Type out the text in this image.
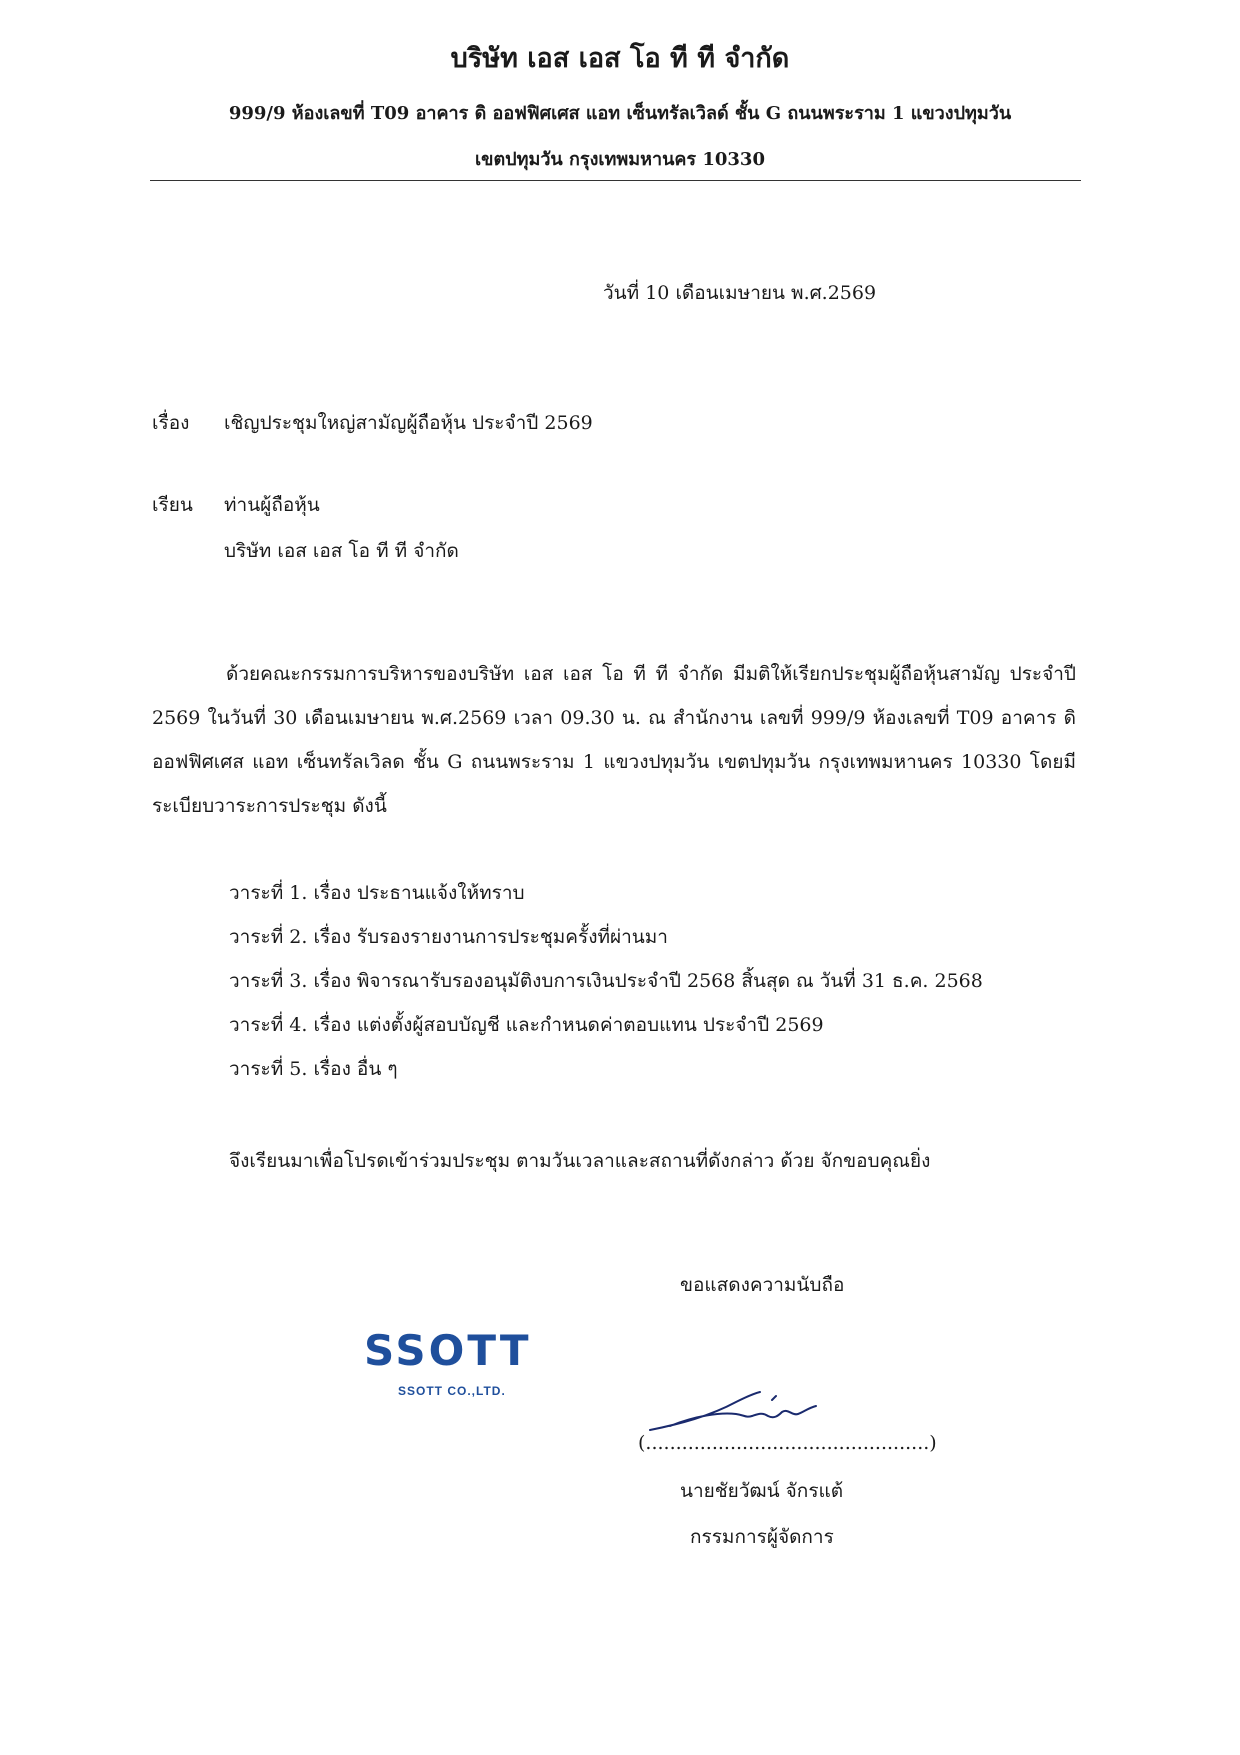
บริษัท เอส เอส โอ ที ที จำกัด
999/9 ห้องเลขที่ T09 อาคาร ดิ ออฟฟิศเศส แอท เซ็นทรัลเวิลด์ ชั้น G ถนนพระราม 1 แขวงปทุมวัน
เขตปทุมวัน กรุงเทพมหานคร 10330
วันที่ 10 เดือนเมษายน พ.ศ.2569
เรื่อง เชิญประชุมใหญ่สามัญผู้ถือหุ้น ประจำปี 2569
เรียน ท่านผู้ถือหุ้น
บริษัท เอส เอส โอ ที ที จำกัด
ด้วยคณะกรรมการบริหารของบริษัท เอส เอส โอ ที ที จำกัด มีมติให้เรียกประชุมผู้ถือหุ้นสามัญ ประจำปี 2569 ในวันที่ 30 เดือนเมษายน พ.ศ.2569 เวลา 09.30 น. ณ สำนักงาน เลขที่ 999/9 ห้องเลขที่ T09 อาคาร ดิ ออฟฟิศเศส แอท เซ็นทรัลเวิลด ชั้น G ถนนพระราม 1 แขวงปทุมวัน เขตปทุมวัน กรุงเทพมหานคร 10330 โดยมีระเบียบวาระการประชุม ดังนี้
วาระที่ 1. เรื่อง ประธานแจ้งให้ทราบ
วาระที่ 2. เรื่อง รับรองรายงานการประชุมครั้งที่ผ่านมา
วาระที่ 3. เรื่อง พิจารณารับรองอนุมัติงบการเงินประจำปี 2568 สิ้นสุด ณ วันที่ 31 ธ.ค. 2568
วาระที่ 4. เรื่อง แต่งตั้งผู้สอบบัญชี และกำหนดค่าตอบแทน ประจำปี 2569
วาระที่ 5. เรื่อง อื่น ๆ
จึงเรียนมาเพื่อโปรดเข้าร่วมประชุม ตามวันเวลาและสถานที่ดังกล่าว ด้วย จักขอบคุณยิ่ง
ขอแสดงความนับถือ
SSOTT
SSOTT CO.,LTD.
(...............................................)
นายชัยวัฒน์ จักรแต้
กรรมการผู้จัดการ
